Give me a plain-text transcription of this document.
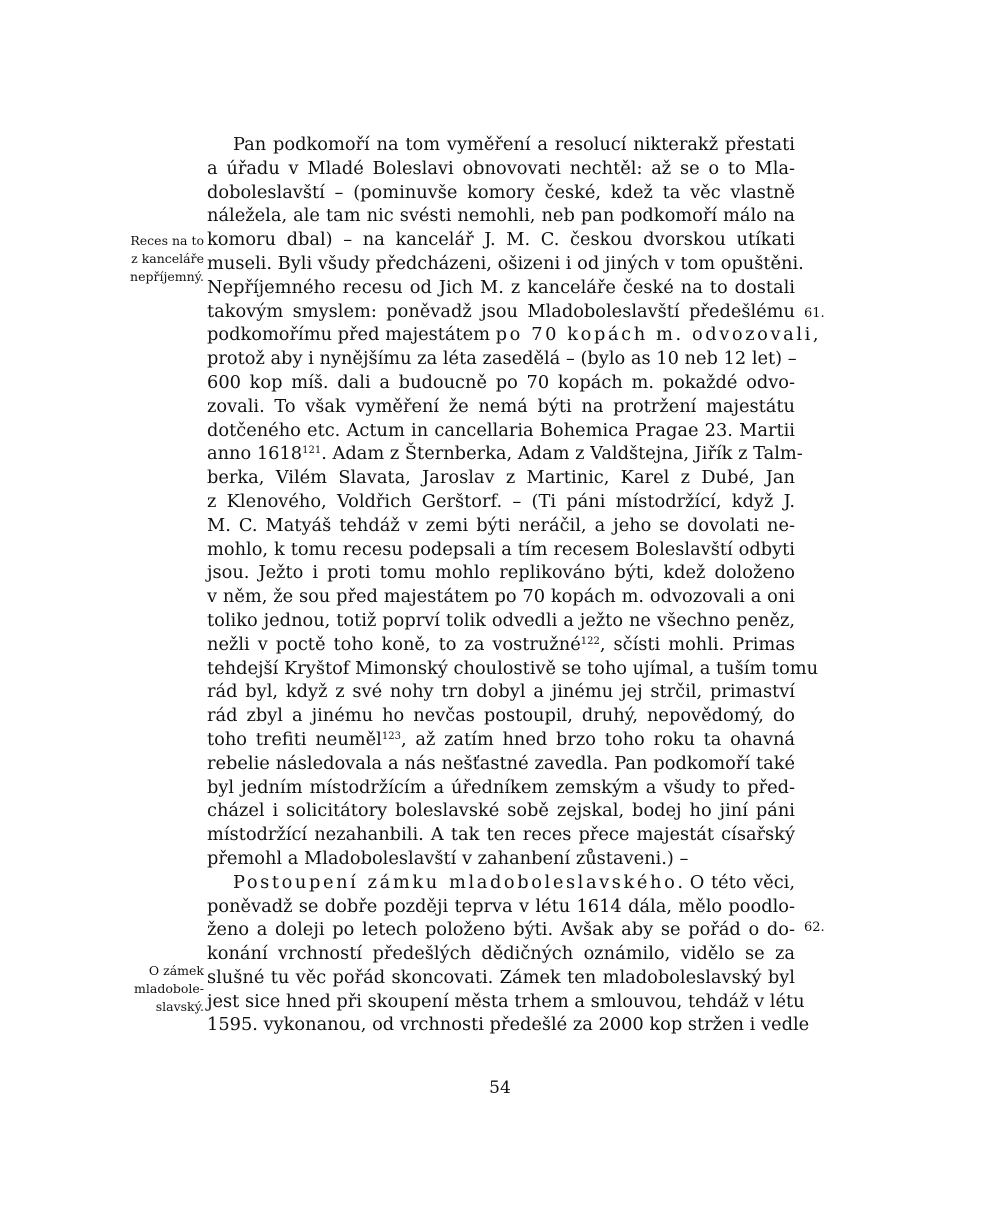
Pan podkomoří na tom vyměření a resolucí nikterakž přestati
a úřadu v Mladé Boleslavi obnovovati nechtěl: až se o to Mla-
doboleslavští – (pominuvše komory české, kdež ta věc vlastně
náležela, ale tam nic svésti nemohli, neb pan podkomoří málo na
komoru dbal) – na kancelář J. M. C. českou dvorskou utíkati
museli. Byli všudy předcházeni, ošizeni i od jiných v tom opuštěni.
Nepříjemného recesu od Jich M. z kanceláře české na to dostali
takovým smyslem: poněvadž jsou Mladoboleslavští předešlému
podkomořímu před majestátem po 70 kopách m. odvozovali,
protož aby i nynějšímu za léta zasedělá – (bylo as 10 neb 12 let) –
600 kop míš. dali a budoucně po 70 kopách m. pokaždé odvo-
zovali. To však vyměření že nemá býti na protržení majestátu
dotčeného etc. Actum in cancellaria Bohemica Pragae 23. Martii
anno 1618$^{121}$. Adam z Šternberka, Adam z Valdštejna, Jiřík z Talm-
berka, Vilém Slavata, Jaroslav z Martinic, Karel z Dubé, Jan
z Klenového, Voldřich Gerštorf. – (Ti páni místodržící, když J.
M. C. Matyáš tehdáž v zemi býti neráčil, a jeho se dovolati ne-
mohlo, k tomu recesu podepsali a tím recesem Boleslavští odbyti
jsou. Ježto i proti tomu mohlo replikováno býti, kdež doloženo
v něm, že sou před majestátem po 70 kopách m. odvozovali a oni
toliko jednou, totiž poprví tolik odvedli a ježto ne všechno peněz,
nežli v poctě toho koně, to za vostružné$^{122}$, sčísti mohli. Primas
tehdejší Kryštof Mimonský choulostivě se toho ujímal, a tuším tomu
rád byl, když z své nohy trn dobyl a jinému jej strčil, primaství
rád zbyl a jinému ho nevčas postoupil, druhý, nepovědomý, do
toho trefiti neuměl$^{123}$, až zatím hned brzo toho roku ta ohavná
rebelie následovala a nás nešťastné zavedla. Pan podkomoří také
byl jedním místodržícím a úředníkem zemským a všudy to před-
cházel i solicitátory boleslavské sobě zejskal, bodej ho jiní páni
místodržící nezahanbili. A tak ten reces přece majestát císařský
přemohl a Mladoboleslavští v zahanbení zůstaveni.) –
Postoupení zámku mladoboleslavského. O této věci,
poněvadž se dobře později teprva v létu 1614 dála, mělo poodlo-
ženo a doleji po letech položeno býti. Avšak aby se pořád o do-
konání vrchností předešlých dědičných oznámilo, vidělo se za
slušné tu věc pořád skoncovati. Zámek ten mladoboleslavský byl
jest sice hned při skoupení města trhem a smlouvou, tehdáž v létu
1595. vykonanou, od vrchnosti předešlé za 2000 kop stržen i vedle
Reces na to
z kanceláře
nepříjemný.
O zámek
mladobole-
slavský.
61.
62.
54
